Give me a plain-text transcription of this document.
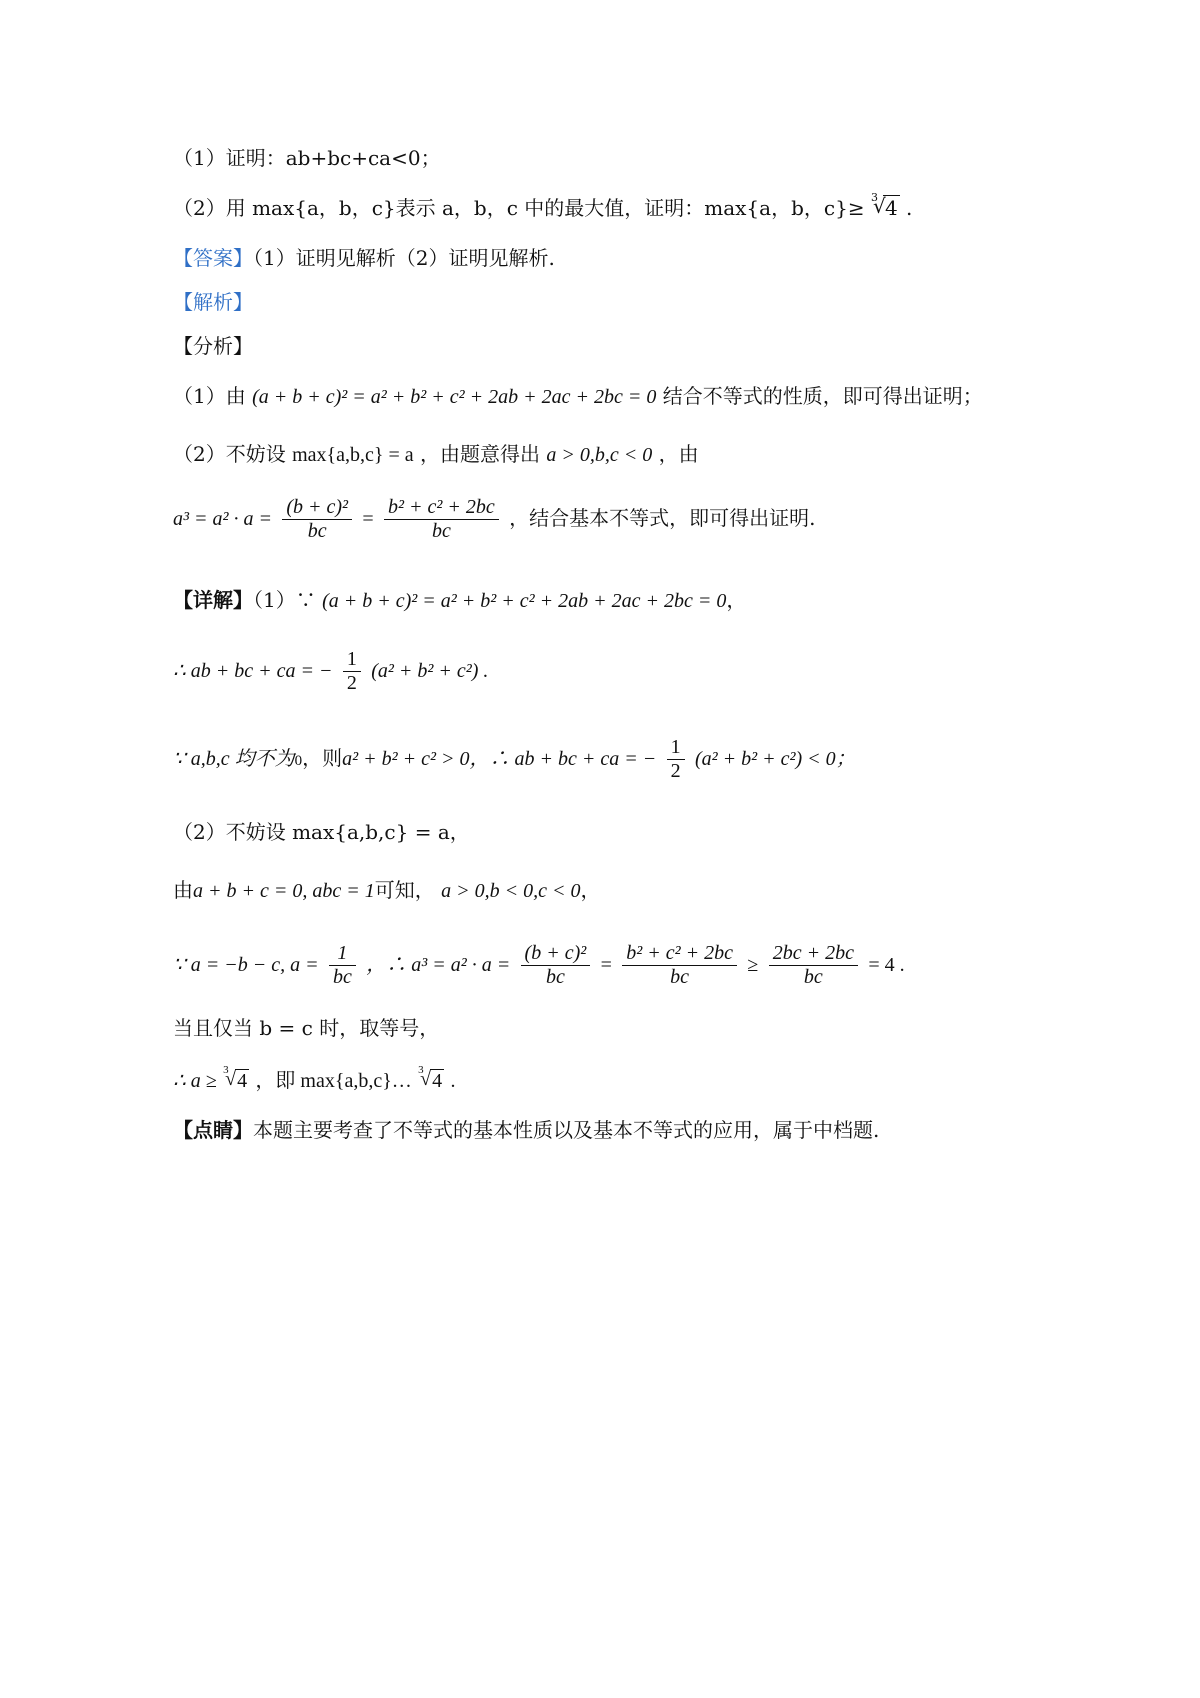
（1）证明：ab+bc+ca<0；
（2）用 max{a，b，c}表示 a，b，c 中的最大值，证明：max{a，b，c}≥ √ 3 4 .
【答案】（1）证明见解析（2）证明见解析.
【解析】
【分析】
（1）由 (a + b + c)² = a² + b² + c² + 2ab + 2ac + 2bc = 0 结合不等式的性质，即可得出证明；
（2）不妨设 max{a,b,c} = a ，由题意得出 a > 0,b,c < 0 ，由
$a^3 = a^2 \cdot a = \frac{\text{(b + c)²}}{bc} = \frac{\text{b² + c² + 2bc}}{bc}$ ，结合基本不等式，即可得出证明.
【详解】（1）∵ (a + b + c)² = a² + b² + c² + 2ab + 2ac + 2bc = 0，
∴ ab + bc + ca = − $\frac{1}{2} (a^2 + b^2 + c^2)$ .
∵ a,b,c 均不为0，则a² + b² + c² > 0，∴ ab + bc + ca = − $\frac{1}{2} (a^2 + b^2 + c^2) < 0$；
（2）不妨设 max{a,b,c} = a，
由a + b + c = 0, abc = 1可知， a > 0,b < 0,c < 0，
∵ a = −b − c, $a = \frac{1}{bc}$ ，∴ $a^3 = a^2 \cdot a = \frac{\text{(b + c)²}}{bc} = \frac{\text{b² + c² + 2bc}}{bc} \ge \frac{2bc + 2bc}{bc} = 4$ .
当且仅当 b = c 时，取等号，
∴ a ≥ √ 3 4 ，即 max{a,b,c}… √ 3 4 .
【点睛】本题主要考查了不等式的基本性质以及基本不等式的应用，属于中档题.
